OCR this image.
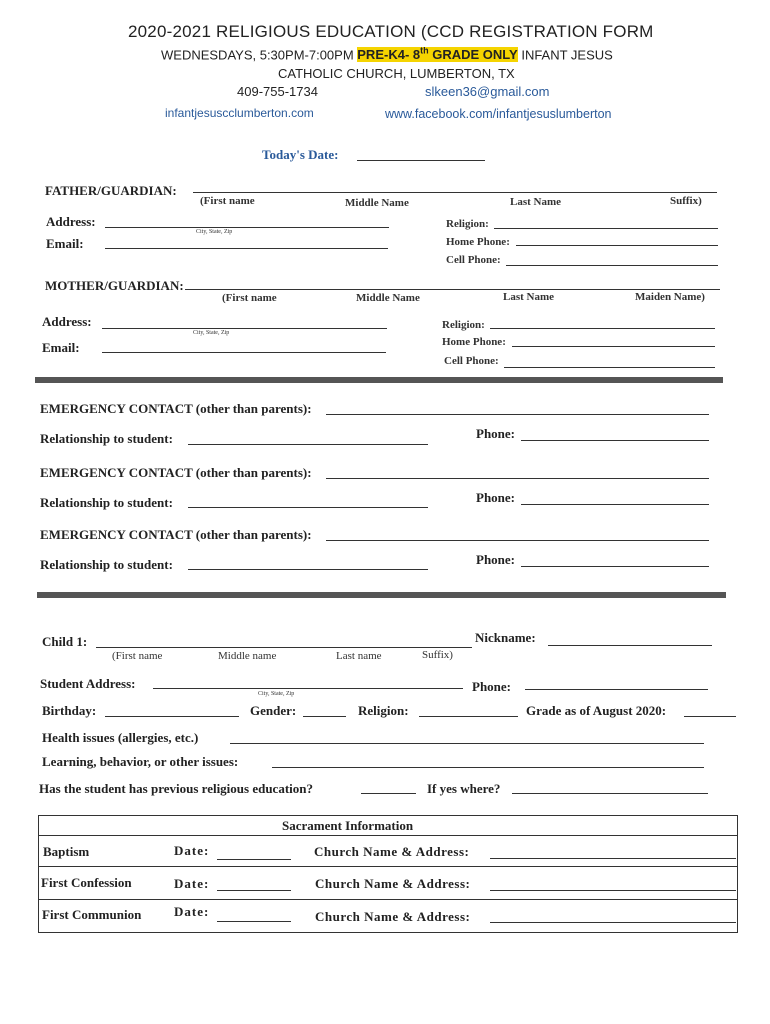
2020-2021 RELIGIOUS EDUCATION (CCD REGISTRATION FORM
WEDNESDAYS, 5:30PM-7:00PM PRE-K4- 8th GRADE ONLY INFANT JESUS
CATHOLIC CHURCH, LUMBERTON, TX
409-755-1734	slkeen36@gmail.com
infantjesuscclumberton.com	www.facebook.com/infantjesuslumberton
Today's Date:
FATHER/GUARDIAN:
(First name	Middle Name	Last Name	Suffix)
Address:
City, State, Zip
Email:
Religion:
Home Phone:
Cell Phone:
MOTHER/GUARDIAN:
(First name	Middle Name	Last Name	Maiden Name)
Address:
City, State, Zip
Email:
Religion:
Home Phone:
Cell Phone:
EMERGENCY CONTACT (other than parents):
Relationship to student:	Phone:
EMERGENCY CONTACT (other than parents):
Relationship to student:	Phone:
EMERGENCY CONTACT (other than parents):
Relationship to student:	Phone:
Child 1:
(First name	Middle name	Last name	Suffix)
Nickname:
Student Address:
City, State, Zip	Phone:
Birthday:	Gender:	Religion:	Grade as of August 2020:
Health issues (allergies, etc.)
Learning, behavior, or other issues:
Has the student has previous religious education?	If yes where?
Sacrament Information
Baptism	Date:	Church Name & Address:
First Confession	Date:	Church Name & Address:
First Communion	Date:	Church Name & Address:
